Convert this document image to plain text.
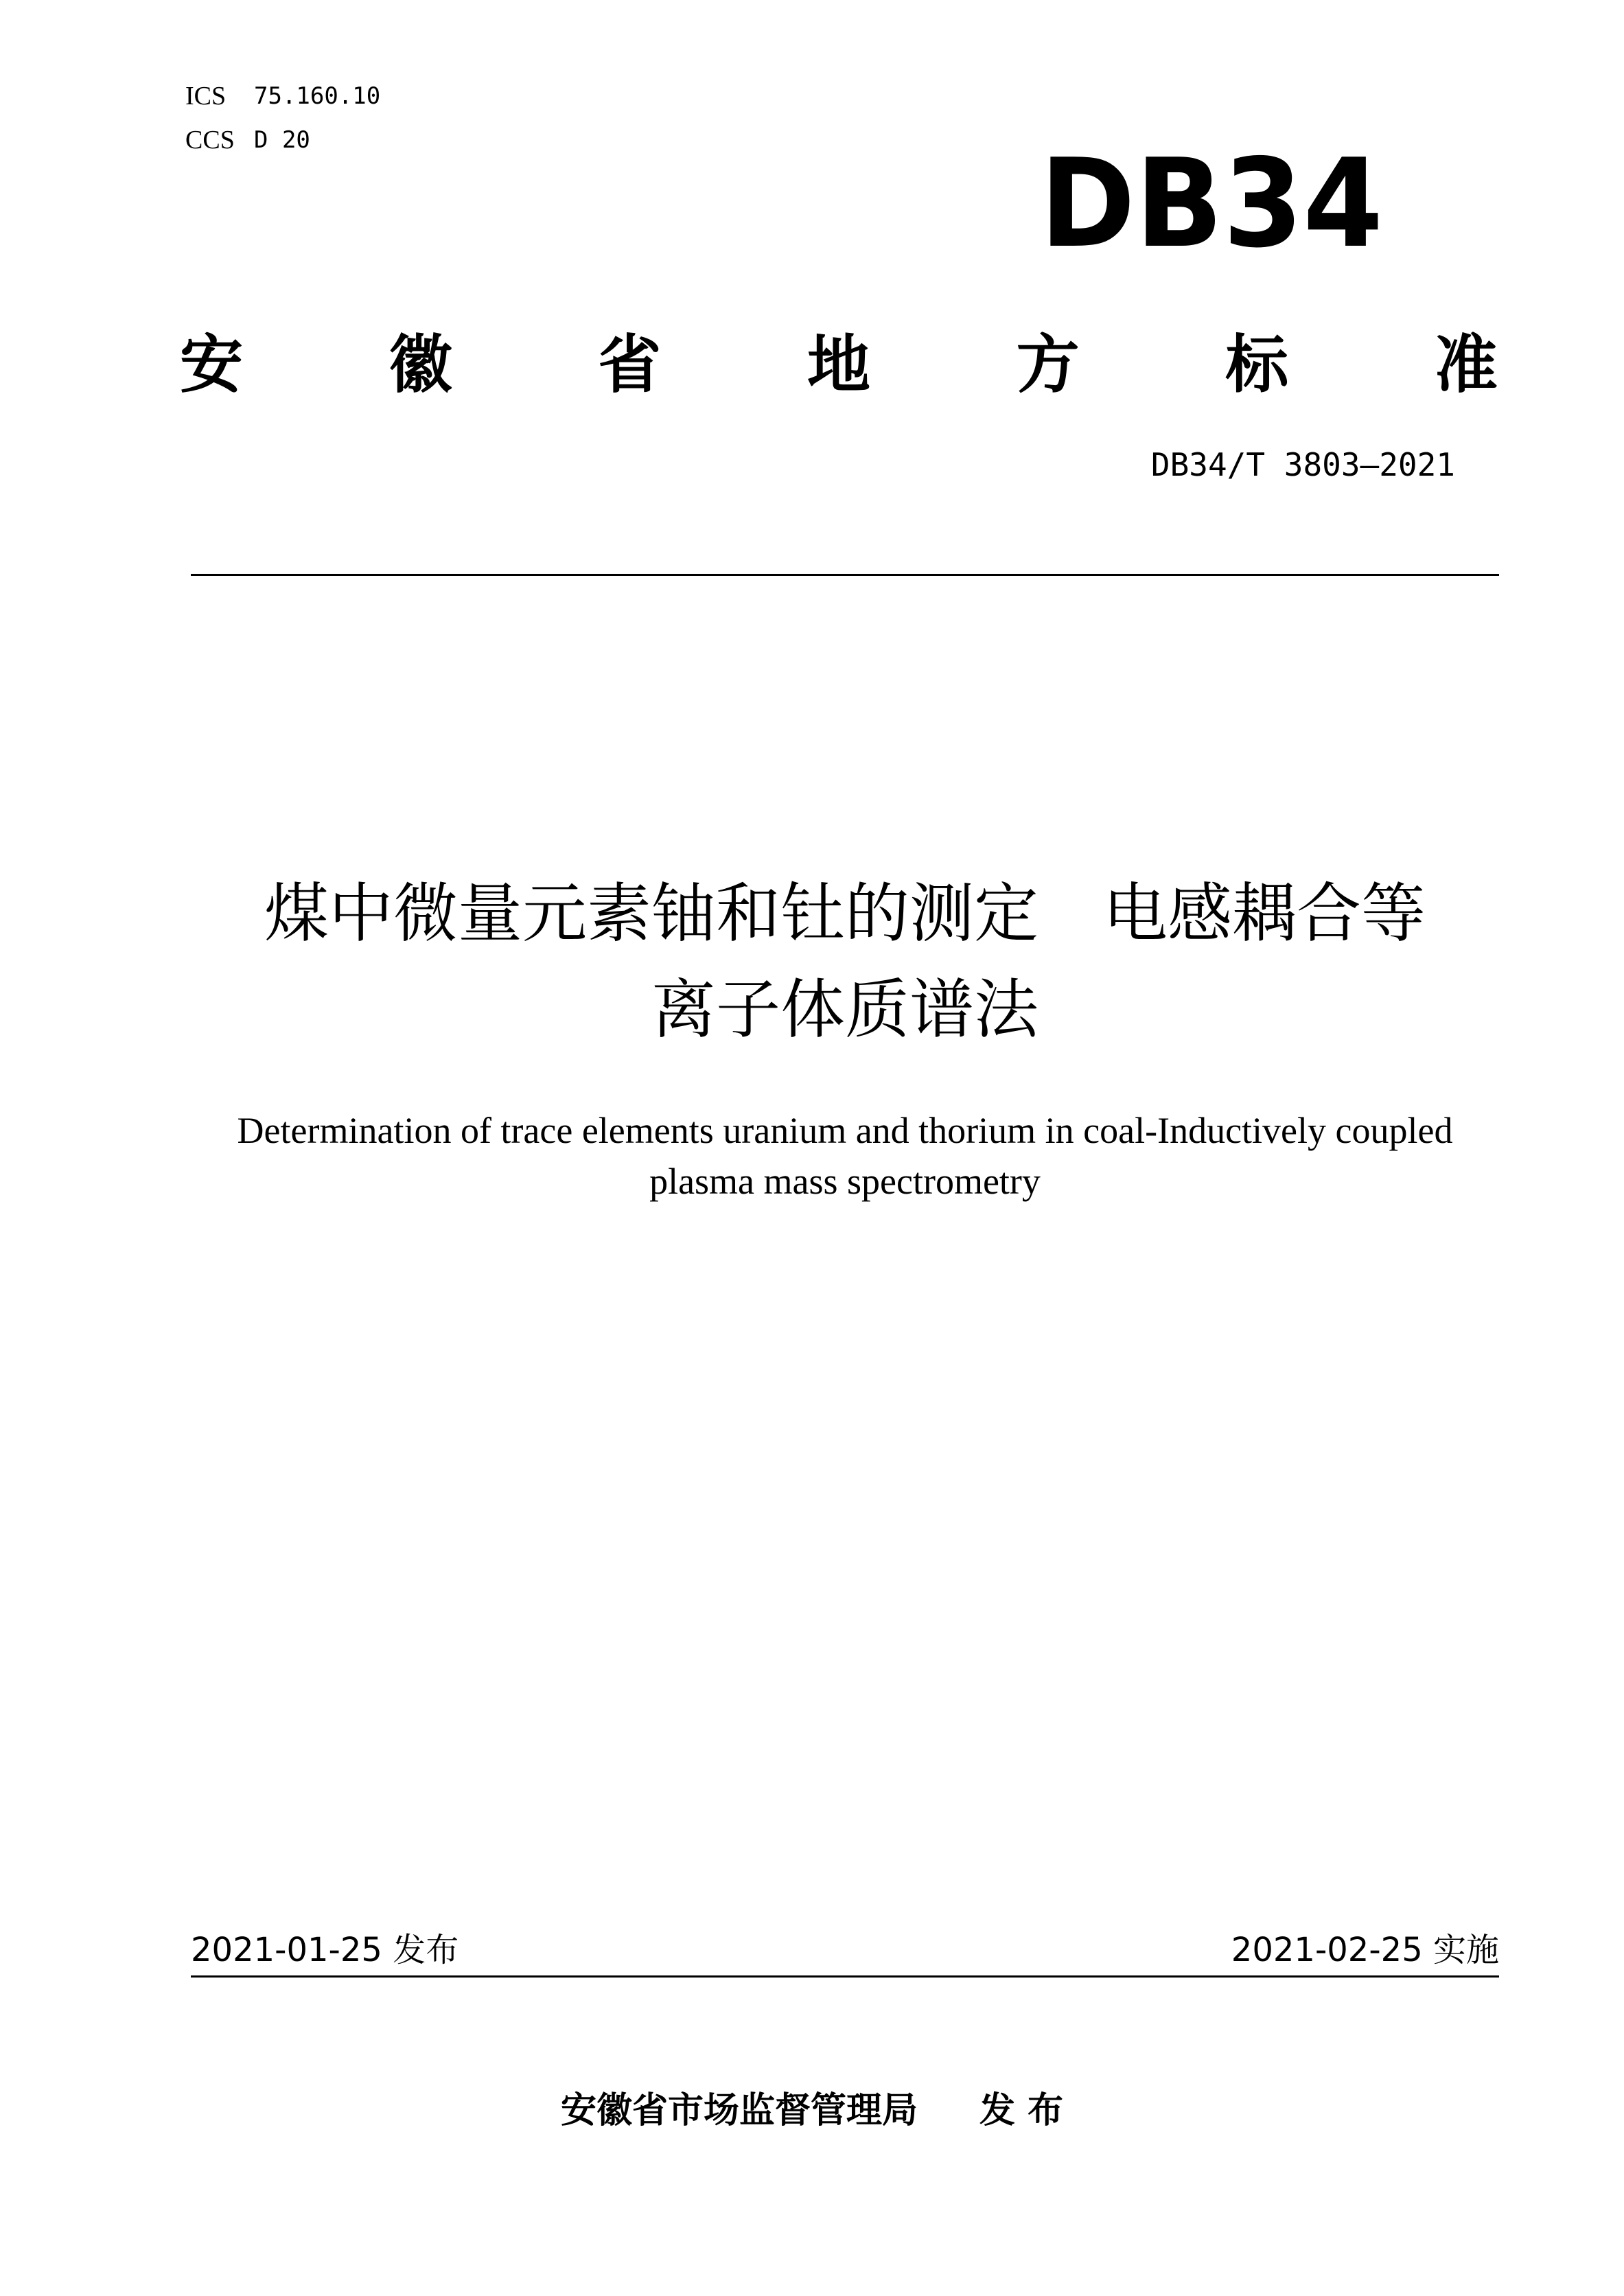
ICS	75.160.10
CCS D 20	DB34
安 徽 省 地 方 标 准
DB34/T 3803—2021
煤中微量元素铀和钍的测定　电感耦合等
离子体质谱法
Determination of trace elements uranium and thorium in coal-Inductively coupled
plasma mass spectrometry
2021-01-25 发布	2021-02-25 实施
安徽省市场监督管理局 发 布
